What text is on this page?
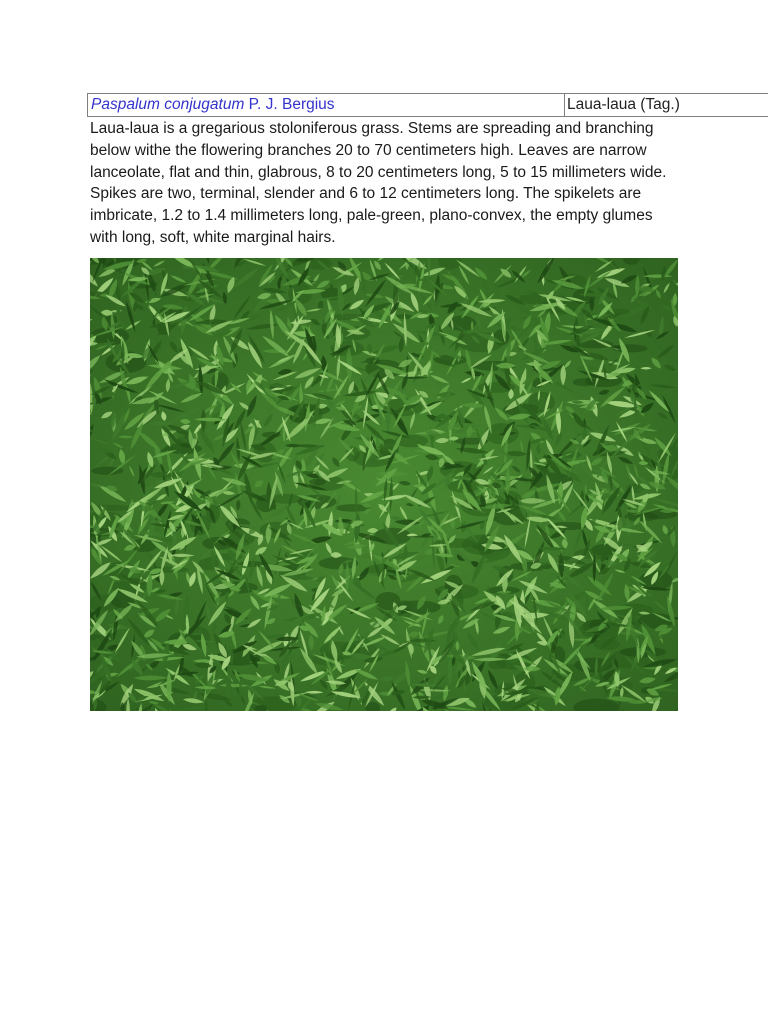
Paspalum conjugatum P. J. Bergius	Laua-laua (Tag.)

Laua-laua is a gregarious stoloniferous grass. Stems are spreading and branching below withe the flowering branches 20 to 70 centimeters high. Leaves are narrow lanceolate, flat and thin, glabrous, 8 to 20 centimeters long, 5 to 15 millimeters wide. Spikes are two, terminal, slender and 6 to 12 centimeters long. The spikelets are imbricate, 1.2 to 1.4 millimeters long, pale-green, plano-convex, the empty glumes with long, soft, white marginal hairs.
